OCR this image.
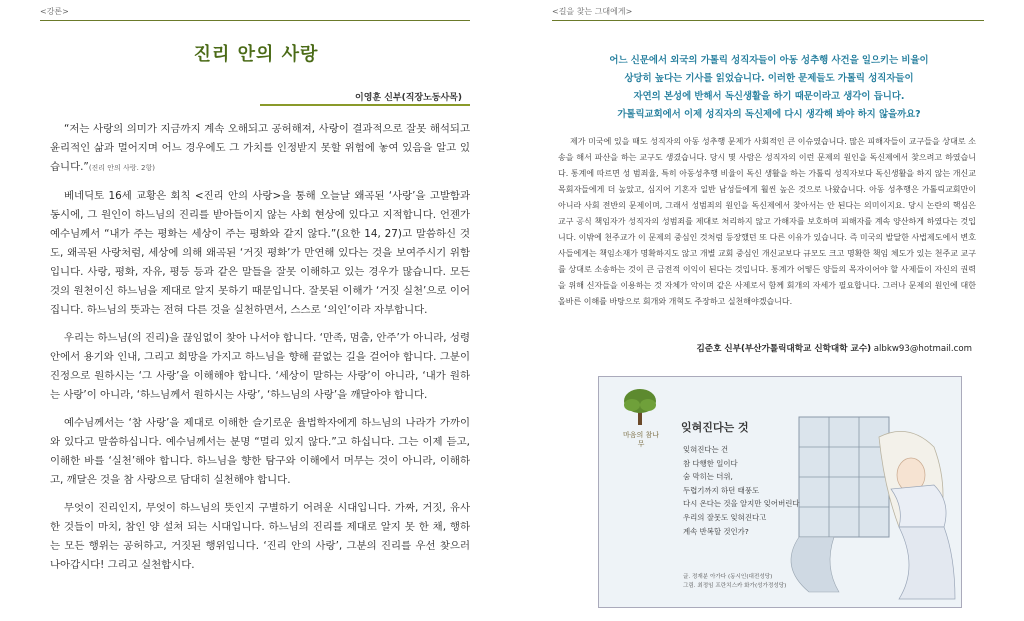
<강론>
진리 안의 사랑
이영훈 신부(직장노동사목)

“저는 사랑의 의미가 지금까지 계속 오해되고 공허해져, 사랑이 결과적으로 잘못 해석되고 윤리적인 삶과 멀어지며 어느 경우에도 그 가치를 인정받지 못할 위험에 놓여 있음을 알고 있습니다.”(진리 안의 사랑. 2항)

베네딕토 16세 교황은 회칙 <진리 안의 사랑>을 통해 오늘날 왜곡된 ‘사랑’을 고발함과 동시에, 그 원인이 하느님의 진리를 받아들이지 않는 사회 현상에 있다고 지적합니다. 언젠가 예수님께서 “내가 주는 평화는 세상이 주는 평화와 같지 않다.”(요한 14, 27)고 말씀하신 것도, 왜곡된 사랑처럼, 세상에 의해 왜곡된 ‘거짓 평화’가 만연해 있다는 것을 보여주시기 위함입니다. 사랑, 평화, 자유, 평등 등과 같은 말들을 잘못 이해하고 있는 경우가 많습니다. 모든 것의 원천이신 하느님을 제대로 알지 못하기 때문입니다. 잘못된 이해가 ‘거짓 실천’으로 이어집니다. 하느님의 뜻과는 전혀 다른 것을 실천하면서, 스스로 ‘의인’이라 자부합니다.

우리는 하느님(의 진리)을 끊임없이 찾아 나서야 합니다. ‘만족, 멈춤, 안주’가 아니라, 성령 안에서 용기와 인내, 그리고 희망을 가지고 하느님을 향해 끝없는 길을 걸어야 합니다. 그분이 진정으로 원하시는 ‘그 사랑’을 이해해야 합니다. ‘세상이 말하는 사랑’이 아니라, ‘내가 원하는 사랑’이 아니라, ‘하느님께서 원하시는 사랑’, ‘하느님의 사랑’을 깨달아야 합니다.

예수님께서는 ‘참 사랑’을 제대로 이해한 슬기로운 율법학자에게 하느님의 나라가 가까이 와 있다고 말씀하십니다. 예수님께서는 분명 “멀리 있지 않다.”고 하십니다. 그는 이제 듣고, 이해한 바를 ‘실천’해야 합니다. 하느님을 향한 탐구와 이해에서 머무는 것이 아니라, 이해하고, 깨달은 것을 참 사랑으로 담대히 실천해야 합니다.

무엇이 진리인지, 무엇이 하느님의 뜻인지 구별하기 어려운 시대입니다. 가짜, 거짓, 유사한 것들이 마치, 참인 양 설쳐 되는 시대입니다. 하느님의 진리를 제대로 알지 못 한 채, 행하는 모든 행위는 공허하고, 거짓된 행위입니다. ‘진리 안의 사랑’, 그분의 진리를 우선 찾으러 나아갑시다! 그리고 실천합시다.

<길을 찾는 그대에게>
어느 신문에서 외국의 가톨릭 성직자들이 아동 성추행 사건을 일으키는 비율이
상당히 높다는 기사를 읽었습니다. 이러한 문제들도 가톨릭 성직자들이
자연의 본성에 반해서 독신생활을 하기 때문이라고 생각이 듭니다.
가톨릭교회에서 이제 성직자의 독신제에 다시 생각해 봐야 하지 않을까요?

제가 미국에 있을 때도 성직자의 아동 성추행 문제가 사회적인 큰 이슈였습니다. 많은 피해자들이 교구들을 상대로 소송을 해서 파산을 하는 교구도 생겼습니다. 당시 몇 사람은 성직자의 이런 문제의 원인을 독신제에서 찾으려고 하였습니다. 통계에 따르면 성 범죄율, 특히 아동성추행 비율이 독신 생활을 하는 가톨릭 성직자보다 독신생활을 하지 않는 개신교 목회자들에게 더 높았고, 심지어 기혼자 일반 남성들에게 훨씬 높은 것으로 나왔습니다. 아동 성추행은 가톨릭교회만이 아니라 사회 전반의 문제이며, 그래서 성범죄의 원인을 독신제에서 찾아서는 안 된다는 의미이지요. 당시 논란의 핵심은 교구 공식 책임자가 성직자의 성범죄를 제대로 처리하지 않고 가해자를 보호하며 피해자를 계속 양산하게 하였다는 것입니다. 이밖에 천주교가 이 문제의 중심인 것처럼 등장했던 또 다른 이유가 있습니다. 즉 미국의 발달한 사법제도에서 변호사들에게는 책임소재가 명확하지도 않고 개별 교회 중심인 개신교보다 규모도 크고 명확한 책임 체도가 있는 천주교 교구를 상대로 소송하는 것이 큰 금전적 이익이 된다는 것입니다. 통계가 어떻든 양들의 목자이어야 할 사제들이 자신의 권력을 위해 신자들을 이용하는 것 자체가 악이며 같은 사제로서 함께 회개의 자세가 필요합니다. 그러나 문제의 원인에 대한 올바른 이해를 바탕으로 회개와 개혁도 주장하고 실천해야겠습니다.

김준호 신부(부산가톨릭대학교 신학대학 교수) albkw93@hotmail.com
마음의 참나무
잊혀진다는 것
잊혀진다는 건
참 다행한 일이다
숨 막히는 더위,
두렵기까지 하던 태풍도
다시 온다는 것을 알지만 잊어버린다
우리의 잘못도 잊혀진다고
계속 반복할 것인가?
글. 정재분 아가다 (동시인(대전성당)
그림. 최정임 프란치스카 화가(성가정성당)
